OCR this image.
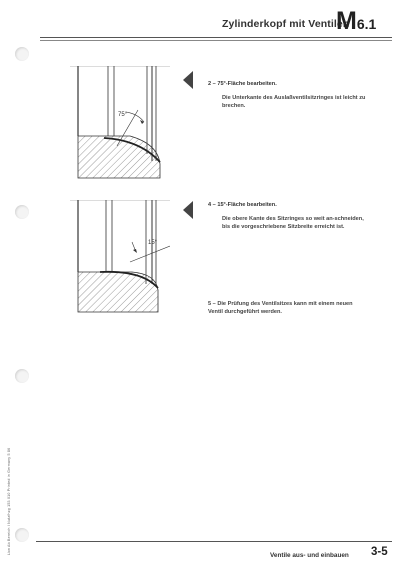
Zylinderkopf mit Ventilen
M6.1
75°
2 – 75°-Fläche bearbeiten.
Die Unterkante des Auslaßventilsitzringes ist leicht zu brechen.
15°
4 – 15°-Fläche bearbeiten.
Die obere Kante des Sitzringes so weit an-schneiden, bis die vorgeschriebene Sitzbreite erreicht ist.
5 – Die Prüfung des Ventilsitzes kann mit einem neuen Ventil durchgeführt werden.
Lkw Ab Bereich I Nutzfhzg 153 010 Printed in Germany 5 86
Ventile aus- und einbauen 3-5
